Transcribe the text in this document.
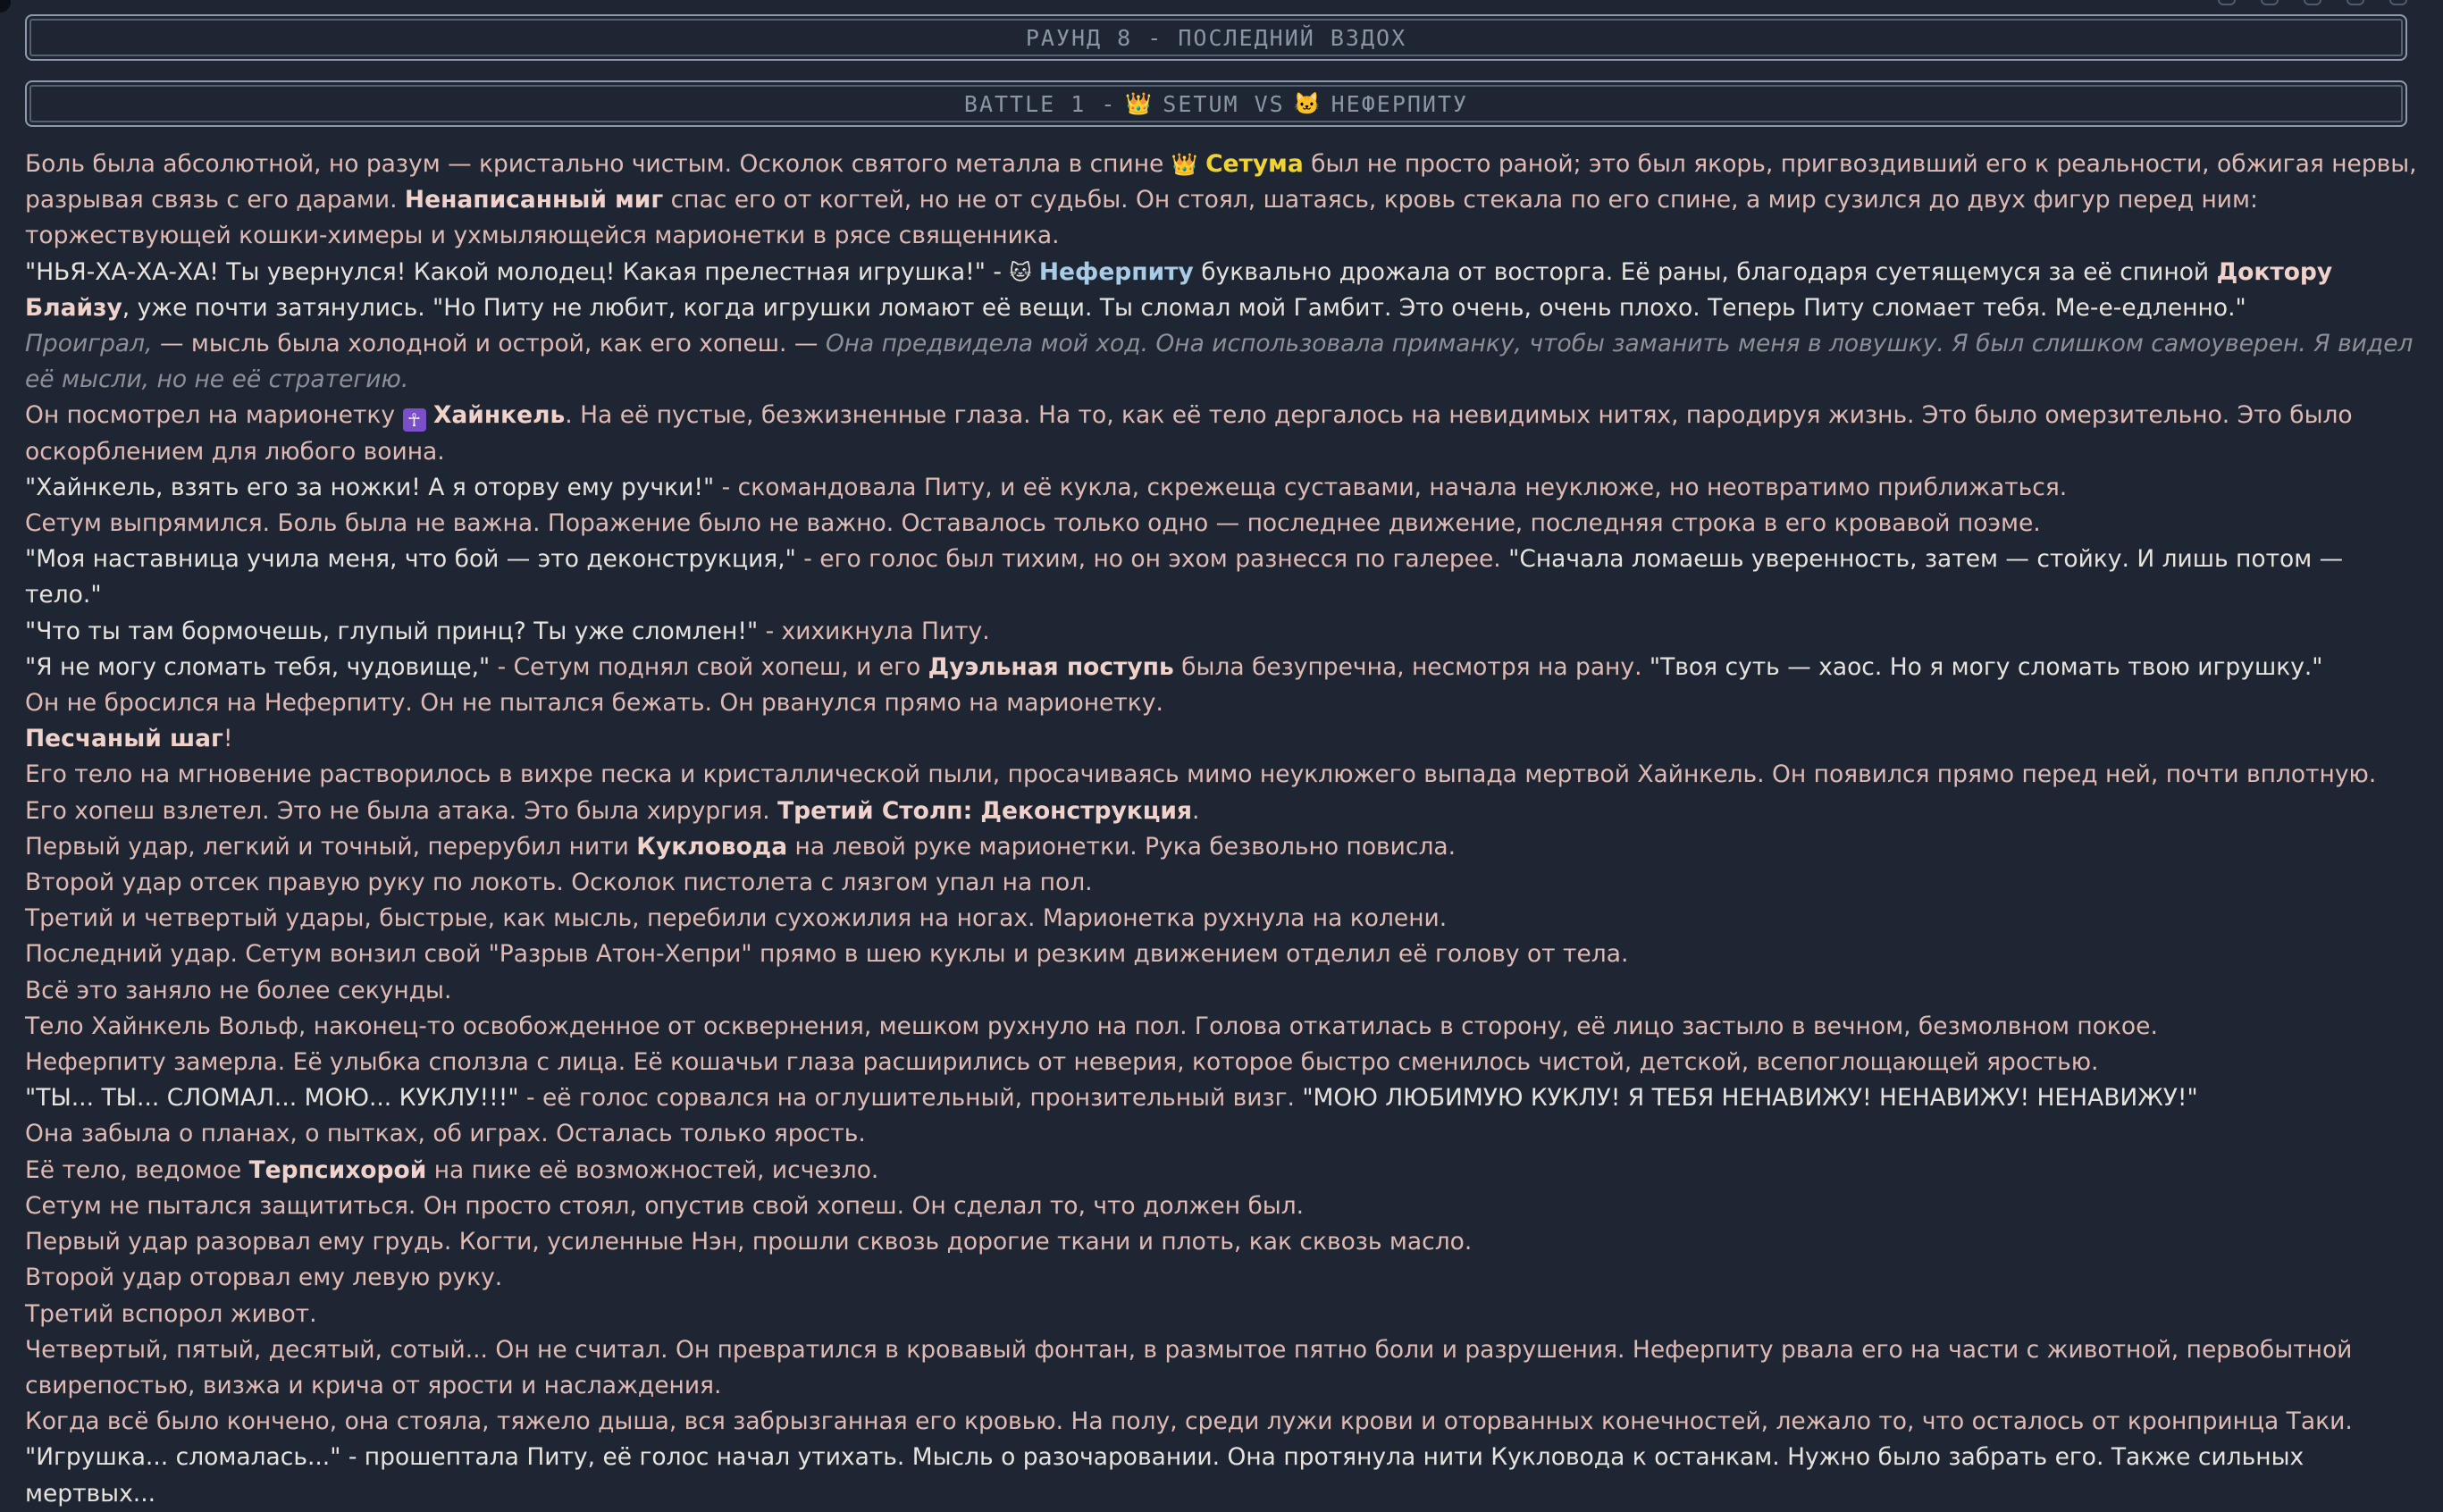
РАУНД 8 - ПОСЛЕДНИЙ ВЗДОХ
BATTLE 1 - 👑 SETUM
VS 🐱 НЕФЕРПИТУ

Боль была абсолютной, но разум — кристально чистым. Осколок святого металла в спине 👑 Сетума был не просто раной; это был якорь, пригвоздивший его к реальности, обжигая нервы, разрывая связь с его дарами. Ненаписанный миг спас его от когтей, но не от судьбы. Он стоял, шатаясь, кровь стекала по его спине, а мир сузился до двух фигур перед ним: торжествующей кошки-химеры и ухмыляющейся марионетки в рясе священника.

"НЬЯ-ХА-ХА-ХА! Ты увернулся! Какой молодец! Какая прелестная игрушка!" - 🐱 Неферпиту буквально дрожала от восторга. Её раны, благодаря суетящемуся за её спиной Доктору Блайзу, уже почти затянулись. "Но Питу не любит, когда игрушки ломают её вещи. Ты сломал мой Гамбит. Это очень, очень плохо. Теперь Питу сломает тебя. Ме-е-едленно."

Проиграл, — мысль была холодной и острой, как его хопеш. — Она предвидела мой ход. Она использовала приманку, чтобы заманить меня в ловушку. Я был слишком самоуверен. Я видел её мысли, но не её стратегию.

Он посмотрел на марионетку ☥ Хайнкель. На её пустые, безжизненные глаза. На то, как её тело дергалось на невидимых нитях, пародируя жизнь. Это было омерзительно. Это было оскорблением для любого воина.

"Хайнкель, взять его за ножки! А я оторву ему ручки!" - скомандовала Питу, и её кукла, скрежеща суставами, начала неуклюже, но неотвратимо приближаться.

Сетум выпрямился. Боль была не важна. Поражение было не важно. Оставалось только одно — последнее движение, последняя строка в его кровавой поэме.

"Моя наставница учила меня, что бой — это деконструкция," - его голос был тихим, но он эхом разнесся по галерее. "Сначала ломаешь уверенность, затем — стойку. И лишь потом — тело."

"Что ты там бормочешь, глупый принц? Ты уже сломлен!" - хихикнула Питу.

"Я не могу сломать тебя, чудовище," - Сетум поднял свой хопеш, и его Дуэльная поступь была безупречна, несмотря на рану. "Твоя суть — хаос. Но я могу сломать твою игрушку."

Он не бросился на Неферпиту. Он не пытался бежать. Он рванулся прямо на марионетку.

Песчаный шаг!

Его тело на мгновение растворилось в вихре песка и кристаллической пыли, просачиваясь мимо неуклюжего выпада мертвой Хайнкель. Он появился прямо перед ней, почти вплотную.

Его хопеш взлетел. Это не была атака. Это была хирургия. Третий Столп: Деконструкция.

Первый удар, легкий и точный, перерубил нити Кукловода на левой руке марионетки. Рука безвольно повисла.

Второй удар отсек правую руку по локоть. Осколок пистолета с лязгом упал на пол.

Третий и четвертый удары, быстрые, как мысль, перебили сухожилия на ногах. Марионетка рухнула на колени.

Последний удар. Сетум вонзил свой "Разрыв Атон-Хепри" прямо в шею куклы и резким движением отделил её голову от тела.

Всё это заняло не более секунды.

Тело Хайнкель Вольф, наконец-то освобожденное от осквернения, мешком рухнуло на пол. Голова откатилась в сторону, её лицо застыло в вечном, безмолвном покое.

Неферпиту замерла. Её улыбка сползла с лица. Её кошачьи глаза расширились от неверия, которое быстро сменилось чистой, детской, всепоглощающей яростью.

"ТЫ... ТЫ... СЛОМАЛ... МОЮ... КУКЛУ!!!" - её голос сорвался на оглушительный, пронзительный визг. "МОЮ ЛЮБИМУЮ КУКЛУ! Я ТЕБЯ НЕНАВИЖУ! НЕНАВИЖУ! НЕНАВИЖУ!"

Она забыла о планах, о пытках, об играх. Осталась только ярость.

Её тело, ведомое Терпсихорой на пике её возможностей, исчезло.

Сетум не пытался защититься. Он просто стоял, опустив свой хопеш. Он сделал то, что должен был.

Первый удар разорвал ему грудь. Когти, усиленные Нэн, прошли сквозь дорогие ткани и плоть, как сквозь масло.

Второй удар оторвал ему левую руку.

Третий вспорол живот.

Четвертый, пятый, десятый, сотый... Он не считал. Он превратился в кровавый фонтан, в размытое пятно боли и разрушения. Неферпиту рвала его на части с животной, первобытной свирепостью, визжа и крича от ярости и наслаждения.

Когда всё было кончено, она стояла, тяжело дыша, вся забрызганная его кровью. На полу, среди лужи крови и оторванных конечностей, лежало то, что осталось от кронпринца Таки.

"Игрушка... сломалась..." - прошептала Питу, её голос начал утихать. Мысль о разочаровании. Она протянула нити Кукловода к останкам. Нужно было забрать его. Также сильных мертвых...
